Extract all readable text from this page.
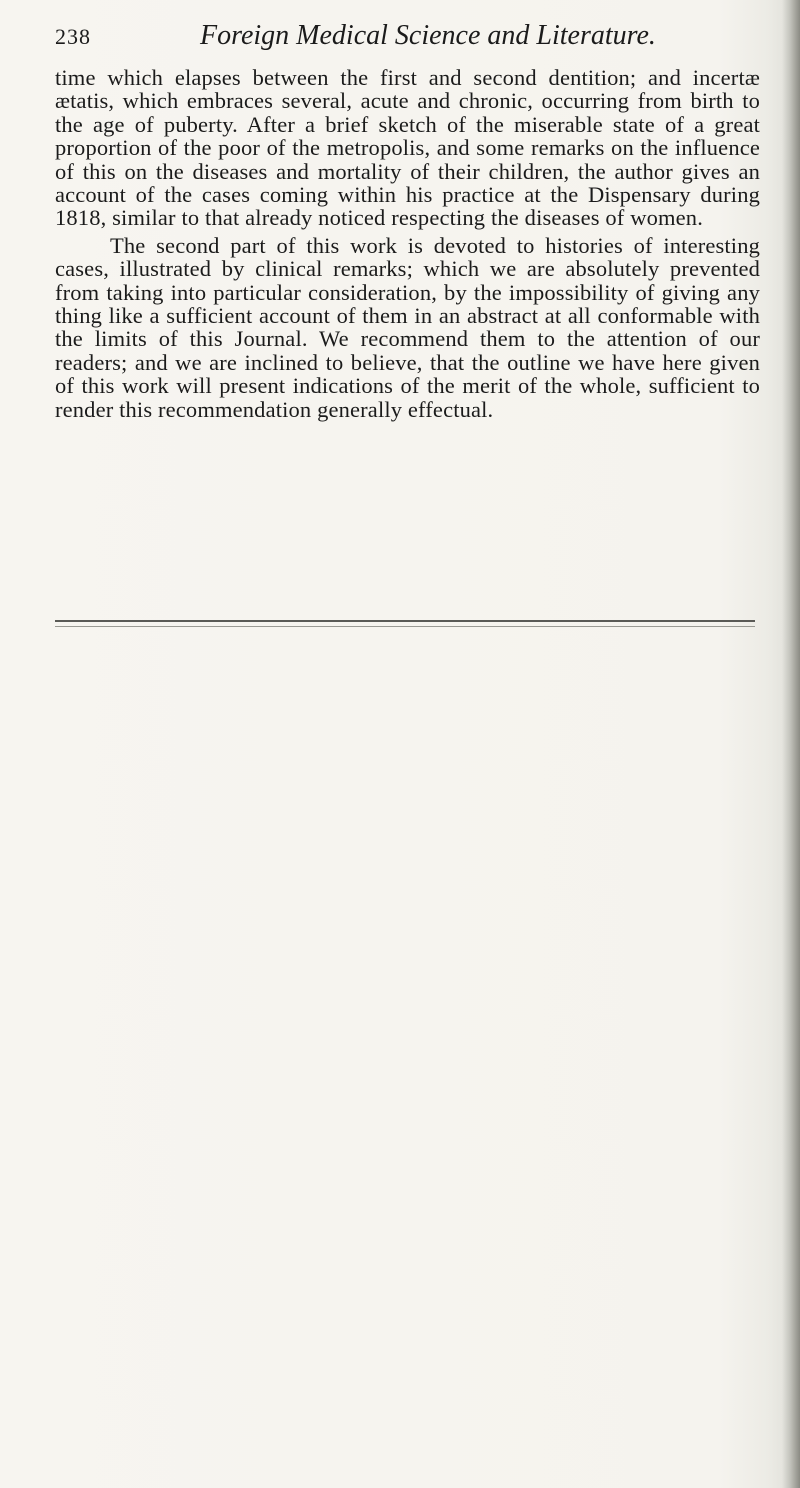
238	Foreign Medical Science and Literature.

time which elapses between the first and second dentition; and incertæ ætatis, which embraces several, acute and chronic, occurring from birth to the age of puberty. After a brief sketch of the miserable state of a great proportion of the poor of the metropolis, and some remarks on the influence of this on the diseases and mortality of their children, the author gives an account of the cases coming within his practice at the Dispensary during 1818, similar to that already noticed respecting the diseases of women.

The second part of this work is devoted to histories of interesting cases, illustrated by clinical remarks; which we are absolutely prevented from taking into particular consideration, by the impossibility of giving any thing like a sufficient account of them in an abstract at all conformable with the limits of this Journal. We recommend them to the attention of our readers; and we are inclined to believe, that the outline we have here given of this work will present indications of the merit of the whole, sufficient to render this recommendation generally effectual.
